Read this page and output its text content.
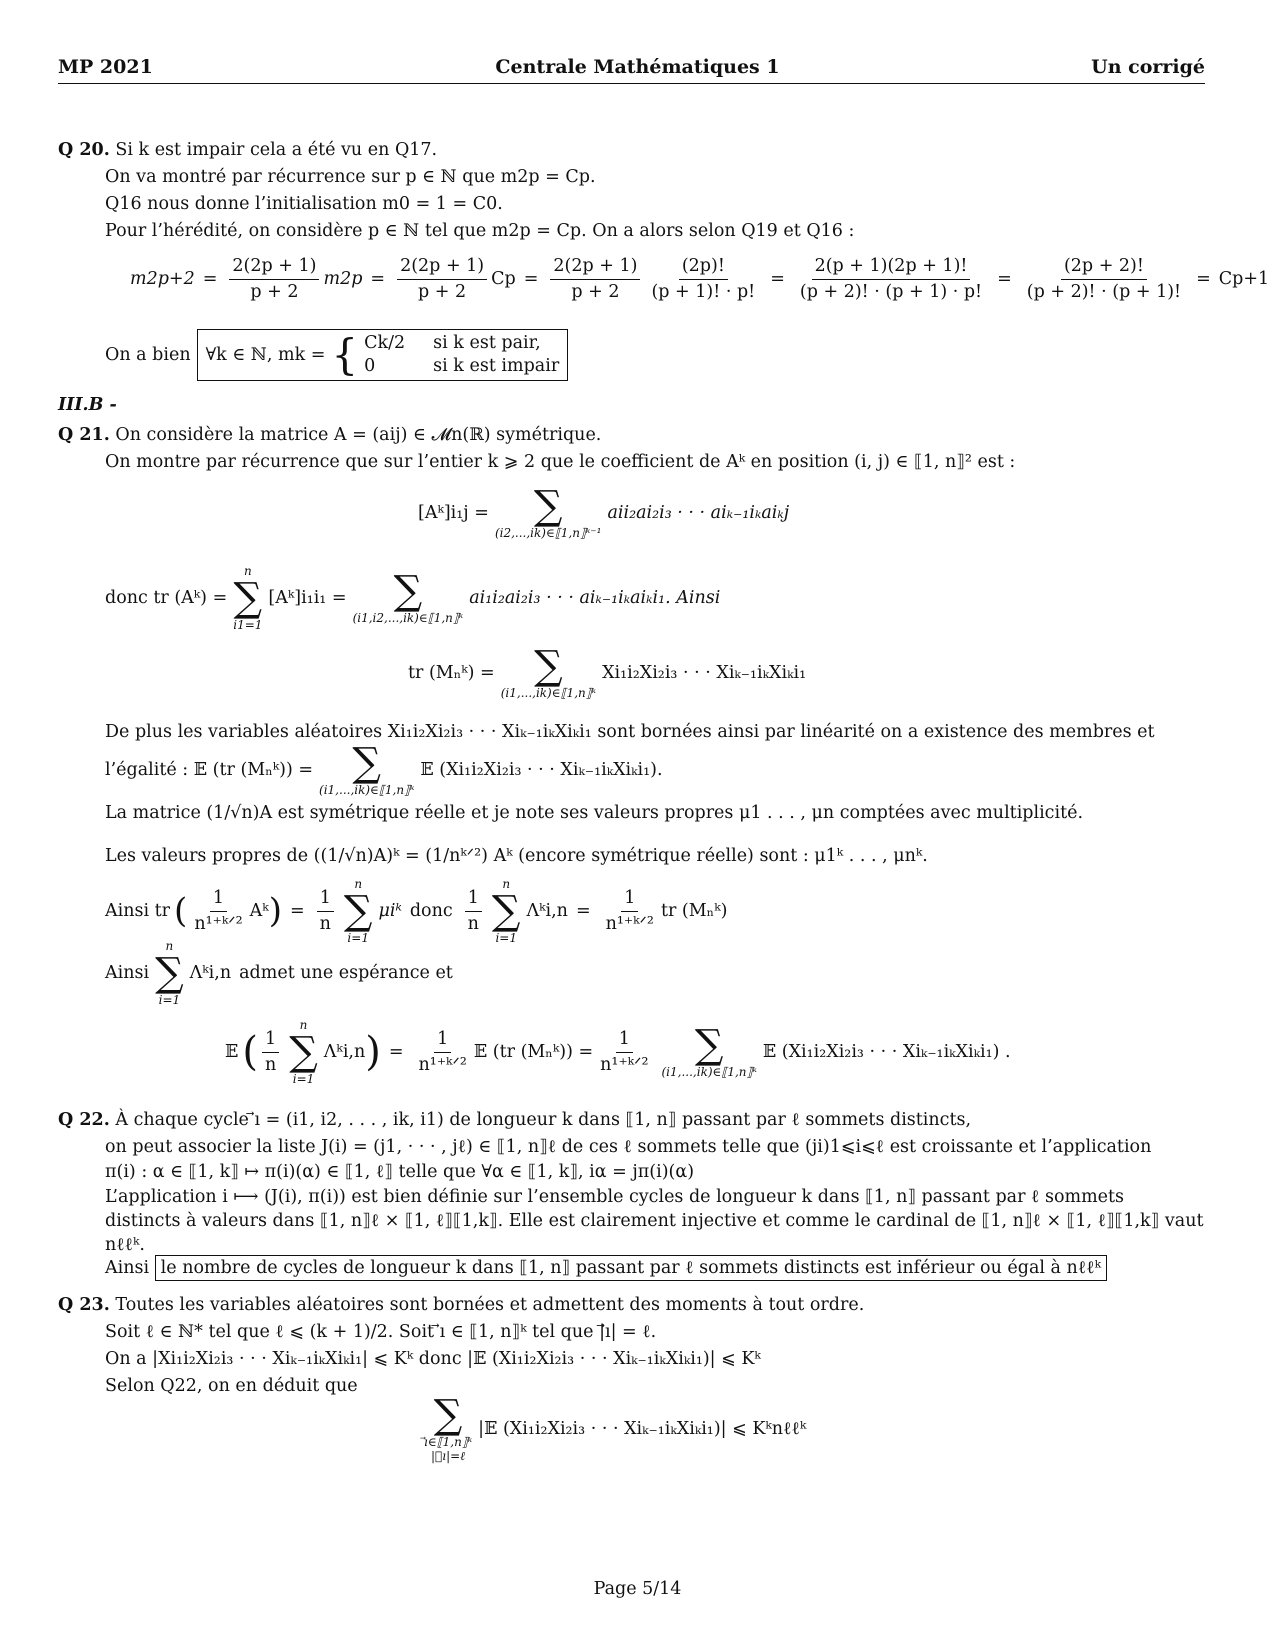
MP 2021	Centrale Mathématiques 1	Un corrigé
Q 20. Si k est impair cela a été vu en Q17.
On va montré par récurrence sur p ∈ ℕ que m2p = Cp.
Q16 nous donne l’initialisation m0 = 1 = C0.
Pour l’hérédité, on considère p ∈ ℕ tel que m2p = Cp. On a alors selon Q19 et Q16 :
$m2p+2 = \frac{2(2p + 1)}{p + 2} m2p = \frac{2(2p + 1)}{p + 2}$ $Cp = \frac{2(2p + 1)}{p + 2} \frac{(2p)!}{(p + 1)! \cdot p!} = \frac{2(p + 1)(2p + 1)!}{(p + 2)! \cdot (p + 1) \cdot p!} = \frac{(2p + 2)!}{(p + 2)! \cdot (p + 1)!} = Cp+1$
On a bien ∀k ∈ ℕ, mk = { Ck/2 si k est pair,
0	si k est impair
III.B -
Q 21. On considère la matrice A = (aij) ∈ 𝓜n(ℝ) symétrique.
On montre par récurrence que sur l’entier k ⩾ 2 que le coefficient de Aᵏ en position (i, j) ∈ ⟦1, n⟧² est :
[Aᵏ]i₁j = ∑
(i2,...,ik)∈⟦1,n⟧ᵏ⁻¹
aii₂ai₂i₃ · · · aiₖ₋₁iₖaiₖj
donc tr (Aᵏ) =
n
∑
i1=1
[Aᵏ]i₁i₁ = ∑
(i1,i2,...,ik)∈⟦1,n⟧ᵏ
ai₁i₂ai₂i₃ · · · aiₖ₋₁iₖaiₖi₁. Ainsi
tr (Mₙᵏ) = ∑
(i1,...,ik)∈⟦1,n⟧ᵏ
Xi₁i₂Xi₂i₃ · · · Xiₖ₋₁iₖXiₖi₁
De plus les variables aléatoires Xi₁i₂Xi₂i₃ · · · Xiₖ₋₁iₖXiₖi₁ sont bornées ainsi par linéarité on a existence des membres et
l’égalité : 𝔼 (tr (Mₙᵏ)) = ∑
(i1,...,ik)∈⟦1,n⟧ᵏ
𝔼 (Xi₁i₂Xi₂i₃ · · · Xiₖ₋₁iₖXiₖi₁).
La matrice (1/√n)A est symétrique réelle et je note ses valeurs propres μ1 . . . , μn comptées avec multiplicité.
Les valeurs propres de ((1/√n)A)ᵏ = (1/nᵏᐟ²) Aᵏ (encore symétrique réelle) sont : μ1ᵏ . . . , μnᵏ.
Ainsi tr ( 1
n¹⁺ᵏᐟ²
Aᵏ ) = $\frac{1}{n}$
n
∑
i=1
μiᵏ donc
1
n
n
∑
i=1
Λᵏi,n =
1
n¹⁺ᵏᐟ²
tr (Mₙᵏ)
Ainsi
n
∑
i=1
Λᵏi,n admet une espérance et
𝔼 ( 1
n
n
∑
i=1
Λᵏi,n ) =
1
n¹⁺ᵏᐟ²
𝔼 (tr (Mₙᵏ)) =
1
n¹⁺ᵏᐟ² ∑
(i1,...,ik)∈⟦1,n⟧ᵏ
𝔼 (Xi₁i₂Xi₂i₃ · · · Xiₖ₋₁iₖXiₖi₁) .
Q 22. À chaque cycle ⃗ı = (i1, i2, . . . , ik, i1) de longueur k dans ⟦1, n⟧ passant par ℓ sommets distincts,
on peut associer la liste J(i) = (j1, · · · , jℓ) ∈ ⟦1, n⟧ℓ de ces ℓ sommets telle que (ji)1⩽i⩽ℓ est croissante et l’application
π(i) : α ∈ ⟦1, k⟧ ↦ π(i)(α) ∈ ⟦1, ℓ⟧ telle que ∀α ∈ ⟦1, k⟧, iα = jπ(i)(α)
L’application i ⟼ (J(i), π(i)) est bien définie sur l’ensemble cycles de longueur k dans ⟦1, n⟧ passant par ℓ sommets
distincts à valeurs dans ⟦1, n⟧ℓ × ⟦1, ℓ⟧⟦1,k⟧. Elle est clairement injective et comme le cardinal de ⟦1, n⟧ℓ × ⟦1, ℓ⟧⟦1,k⟧ vaut
nℓℓᵏ.
Ainsi le nombre de cycles de longueur k dans ⟦1, n⟧ passant par ℓ sommets distincts est inférieur ou égal à nℓℓᵏ
Q 23. Toutes les variables aléatoires sont bornées et admettent des moments à tout ordre.
Soit ℓ ∈ ℕ* tel que ℓ ⩽ (k + 1)/2. Soit ⃗ı ∈ ⟦1, n⟧ᵏ tel que |⃗ı| = ℓ.
On a |Xi₁i₂Xi₂i₃ · · · Xiₖ₋₁iₖXiₖi₁| ⩽ Kᵏ donc |𝔼 (Xi₁i₂Xi₂i₃ · · · Xiₖ₋₁iₖXiₖi₁)| ⩽ Kᵏ
Selon Q22, on en déduit que
∑
⃗ı∈⟦1,n⟧ᵏ
|⃗ı|=ℓ
|𝔼 (Xi₁i₂Xi₂i₃ · · · Xiₖ₋₁iₖXiₖi₁)| ⩽ Kᵏnℓℓᵏ
Page 5/14
